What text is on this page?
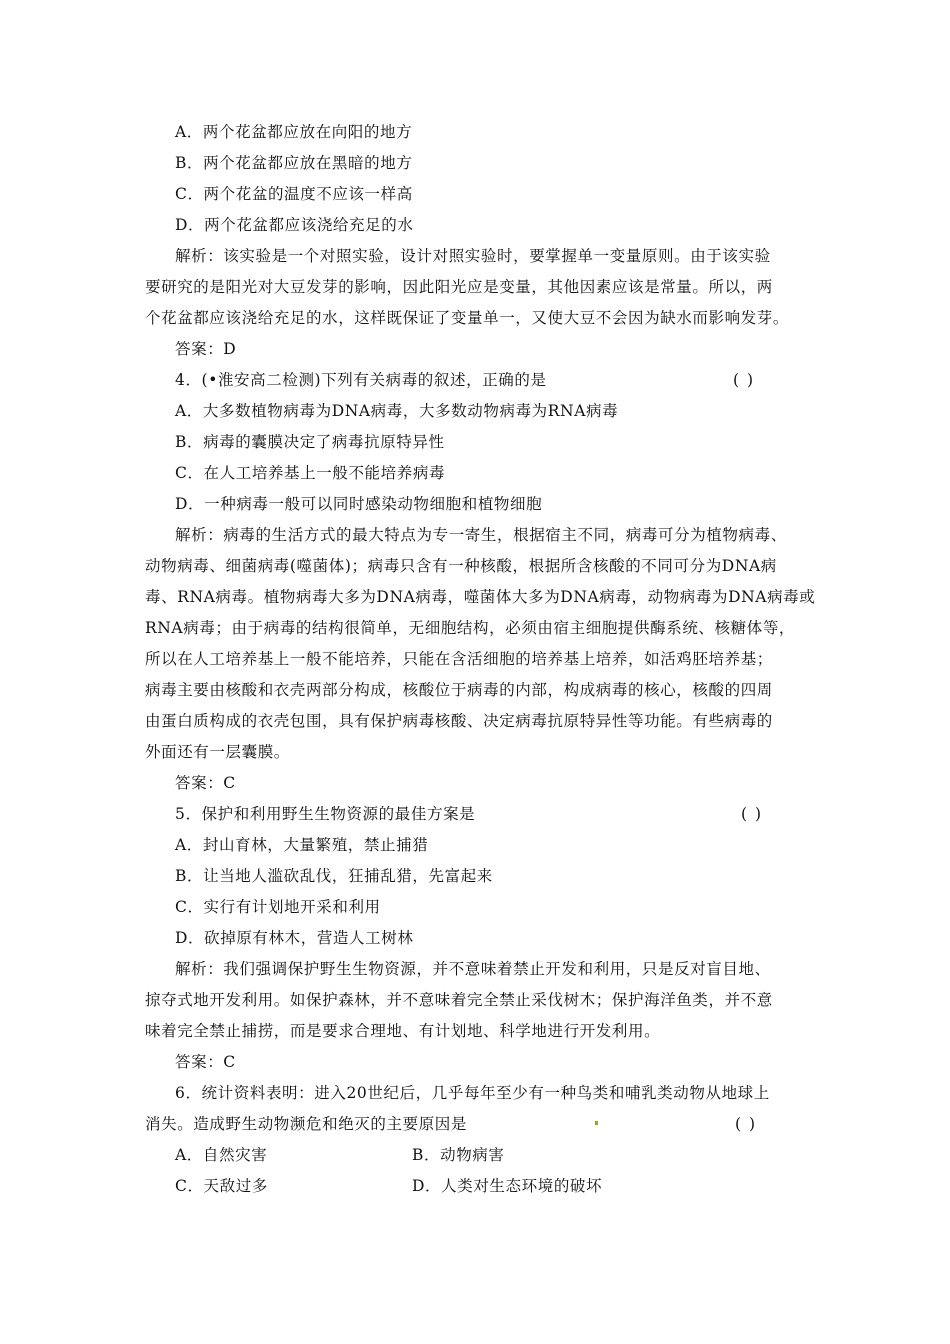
A．两个花盆都应放在向阳的地方
B．两个花盆都应放在黑暗的地方
C．两个花盆的温度不应该一样高
D．两个花盆都应该浇给充足的水
解析：该实验是一个对照实验，设计对照实验时，要掌握单一变量原则。由于该实验
要研究的是阳光对大豆发芽的影响，因此阳光应是变量，其他因素应该是常量。所以，两
个花盆都应该浇给充足的水，这样既保证了变量单一，又使大豆不会因为缺水而影响发芽。
答案：D
4．(•淮安高二检测)下列有关病毒的叙述，正确的是	()
A．大多数植物病毒为DNA病毒，大多数动物病毒为RNA病毒
B．病毒的囊膜决定了病毒抗原特异性
C．在人工培养基上一般不能培养病毒
D．一种病毒一般可以同时感染动物细胞和植物细胞
解析：病毒的生活方式的最大特点为专一寄生，根据宿主不同，病毒可分为植物病毒、
动物病毒、细菌病毒(噬菌体)；病毒只含有一种核酸，根据所含核酸的不同可分为DNA病
毒、RNA病毒。植物病毒大多为DNA病毒，噬菌体大多为DNA病毒，动物病毒为DNA病毒或
RNA病毒；由于病毒的结构很简单，无细胞结构，必须由宿主细胞提供酶系统、核糖体等，
所以在人工培养基上一般不能培养，只能在含活细胞的培养基上培养，如活鸡胚培养基；
病毒主要由核酸和衣壳两部分构成，核酸位于病毒的内部，构成病毒的核心，核酸的四周
由蛋白质构成的衣壳包围，具有保护病毒核酸、决定病毒抗原特异性等功能。有些病毒的
外面还有一层囊膜。
答案：C
5．保护和利用野生生物资源的最佳方案是	()
A．封山育林，大量繁殖，禁止捕猎
B．让当地人滥砍乱伐，狂捕乱猎，先富起来
C．实行有计划地开采和利用
D．砍掉原有林木，营造人工树林
解析：我们强调保护野生生物资源，并不意味着禁止开发和利用，只是反对盲目地、
掠夺式地开发利用。如保护森林，并不意味着完全禁止采伐树木；保护海洋鱼类，并不意
味着完全禁止捕捞，而是要求合理地、有计划地、科学地进行开发利用。
答案：C
6．统计资料表明：进入20世纪后，几乎每年至少有一种鸟类和哺乳类动物从地球上
消失。造成野生动物濒危和绝灭的主要原因是	()
A．自然灾害	B．动物病害
C．天敌过多	D．人类对生态环境的破坏
